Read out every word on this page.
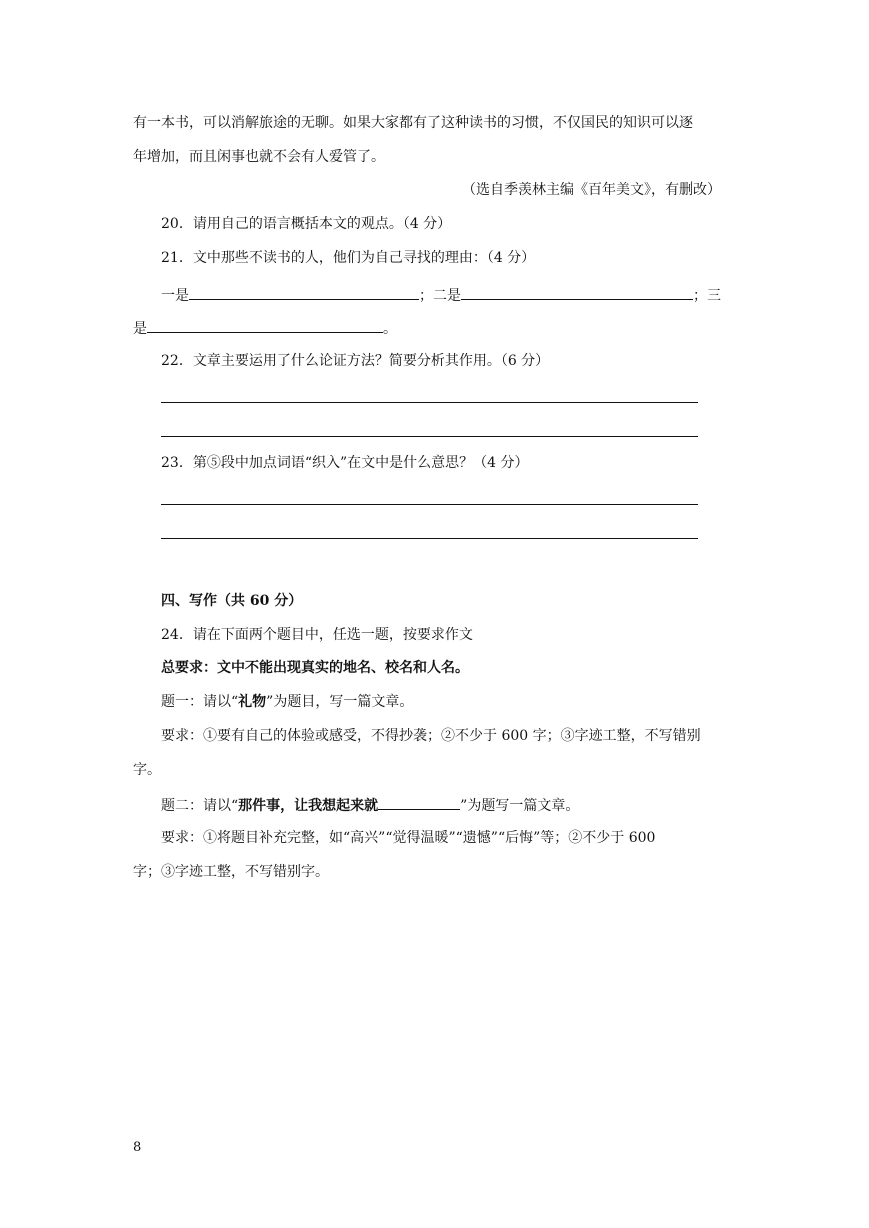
有一本书，可以消解旅途的无聊。如果大家都有了这种读书的习惯，不仅国民的知识可以逐
年增加，而且闲事也就不会有人爱管了。
（选自季羡林主编《百年美文》，有删改）
20．请用自己的语言概括本文的观点。（4 分）
21．文中那些不读书的人，他们为自己寻找的理由：（4 分）
一是	；二是	；三
是	。
22．文章主要运用了什么论证方法？简要分析其作用。（6 分）
23．第⑤段中加点词语“织入”在文中是什么意思？（4 分）
四、写作（共 60 分）
24．请在下面两个题目中，任选一题，按要求作文
总要求：文中不能出现真实的地名、校名和人名。
题一：请以“礼物”为题目，写一篇文章。
要求：①要有自己的体验或感受，不得抄袭；②不少于 600 字；③字迹工整，不写错别
字。
题二：请以“那件事，让我想起来就	”为题写一篇文章。
要求：①将题目补充完整，如“高兴”“觉得温暖”“遗憾”“后悔”等；②不少于 600
字；③字迹工整，不写错别字。
8
